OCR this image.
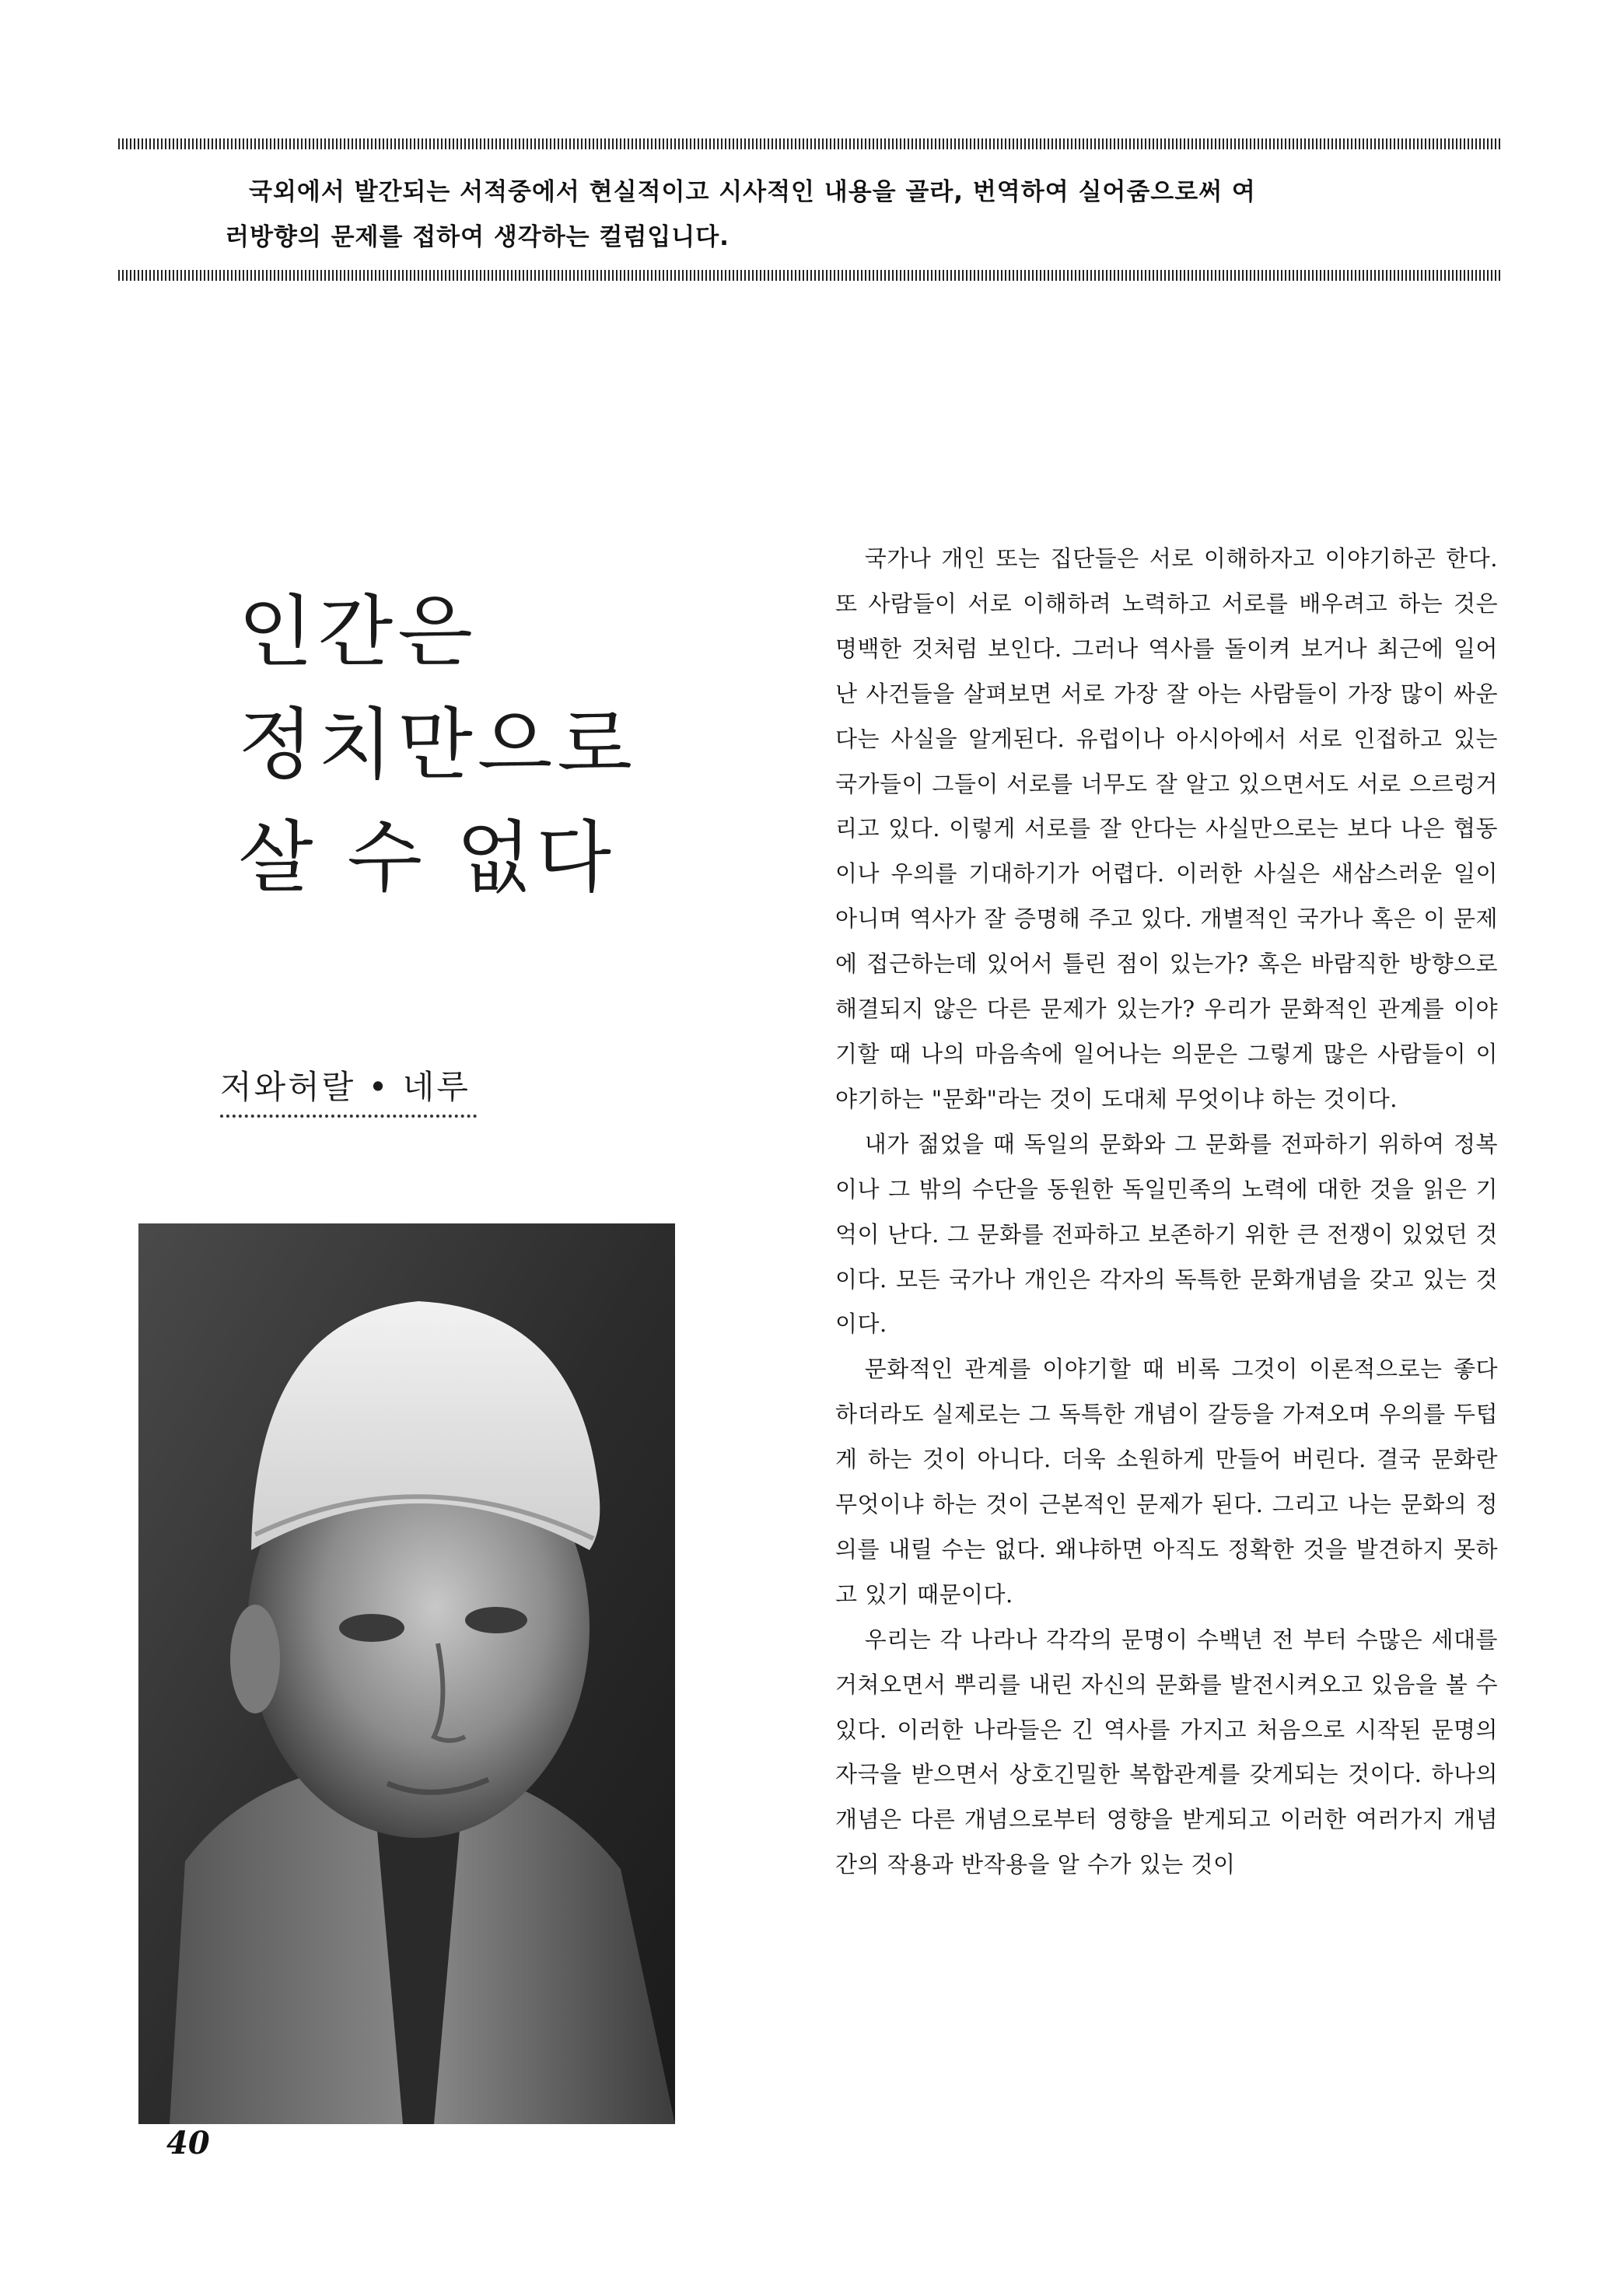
국외에서 발간되는 서적중에서 현실적이고 시사적인 내용을 골라, 번역하여 실어줌으로써 여
러방향의 문제를 접하여 생각하는 컬럼입니다.

인간은
정치만으로
살 수 없다
저와허랄 • 네루

국가나 개인 또는 집단들은 서로 이해하자고 이야기하곤 한다. 또 사람들이 서로 이해하려 노력하고 서로를 배우려고 하는 것은 명백한 것처럼 보인다. 그러나 역사를 돌이켜 보거나 최근에 일어난 사건들을 살펴보면 서로 가장 잘 아는 사람들이 가장 많이 싸운다는 사실을 알게된다. 유럽이나 아시아에서 서로 인접하고 있는 국가들이 그들이 서로를 너무도 잘 알고 있으면서도 서로 으르렁거리고 있다. 이렇게 서로를 잘 안다는 사실만으로는 보다 나은 협동이나 우의를 기대하기가 어렵다. 이러한 사실은 새삼스러운 일이 아니며 역사가 잘 증명해 주고 있다. 개별적인 국가나 혹은 이 문제에 접근하는데 있어서 틀린 점이 있는가? 혹은 바람직한 방향으로 해결되지 않은 다른 문제가 있는가? 우리가 문화적인 관계를 이야기할 때 나의 마음속에 일어나는 의문은 그렇게 많은 사람들이 이야기하는 "문화"라는 것이 도대체 무엇이냐 하는 것이다.

내가 젊었을 때 독일의 문화와 그 문화를 전파하기 위하여 정복이나 그 밖의 수단을 동원한 독일민족의 노력에 대한 것을 읽은 기억이 난다. 그 문화를 전파하고 보존하기 위한 큰 전쟁이 있었던 것이다. 모든 국가나 개인은 각자의 독특한 문화개념을 갖고 있는 것이다.

문화적인 관계를 이야기할 때 비록 그것이 이론적으로는 좋다 하더라도 실제로는 그 독특한 개념이 갈등을 가져오며 우의를 두텁게 하는 것이 아니다. 더욱 소원하게 만들어 버린다. 결국 문화란 무엇이냐 하는 것이 근본적인 문제가 된다. 그리고 나는 문화의 정의를 내릴 수는 없다. 왜냐하면 아직도 정확한 것을 발견하지 못하고 있기 때문이다.

우리는 각 나라나 각각의 문명이 수백년 전 부터 수많은 세대를 거쳐오면서 뿌리를 내린 자신의 문화를 발전시켜오고 있음을 볼 수 있다. 이러한 나라들은 긴 역사를 가지고 처음으로 시작된 문명의 자극을 받으면서 상호긴밀한 복합관계를 갖게되는 것이다. 하나의 개념은 다른 개념으로부터 영향을 받게되고 이러한 여러가지 개념간의 작용과 반작용을 알 수가 있는 것이

40
